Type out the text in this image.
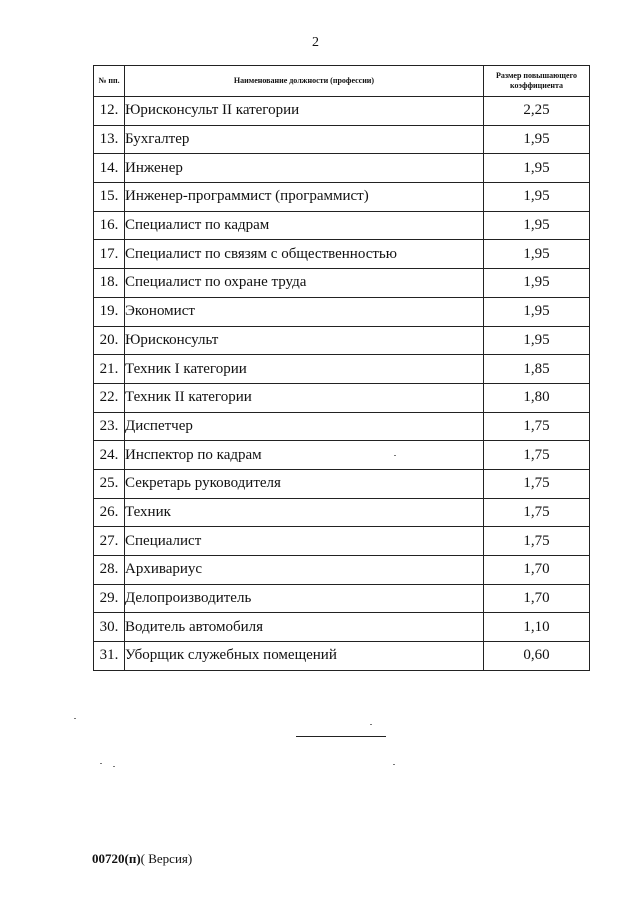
2
№ пп.	Наименование должности (профессии)	Размер повышающего коэффициента
12.	Юрисконсульт II категории	2,25
13.	Бухгалтер	1,95
14.	Инженер	1,95
15.	Инженер-программист (программист)	1,95
16.	Специалист по кадрам	1,95
17.	Специалист по связям с общественностью	1,95
18.	Специалист по охране труда	1,95
19.	Экономист	1,95
20.	Юрисконсульт	1,95
21.	Техник I категории	1,85
22.	Техник II категории	1,80
23.	Диспетчер	1,75
24.	Инспектор по кадрам	1,75
25.	Секретарь руководителя	1,75
26.	Техник	1,75
27.	Специалист	1,75
28.	Архивариус	1,70
29.	Делопроизводитель	1,70
30.	Водитель автомобиля	1,10
31.	Уборщик служебных помещений	0,60
00720(п)( Версия)
